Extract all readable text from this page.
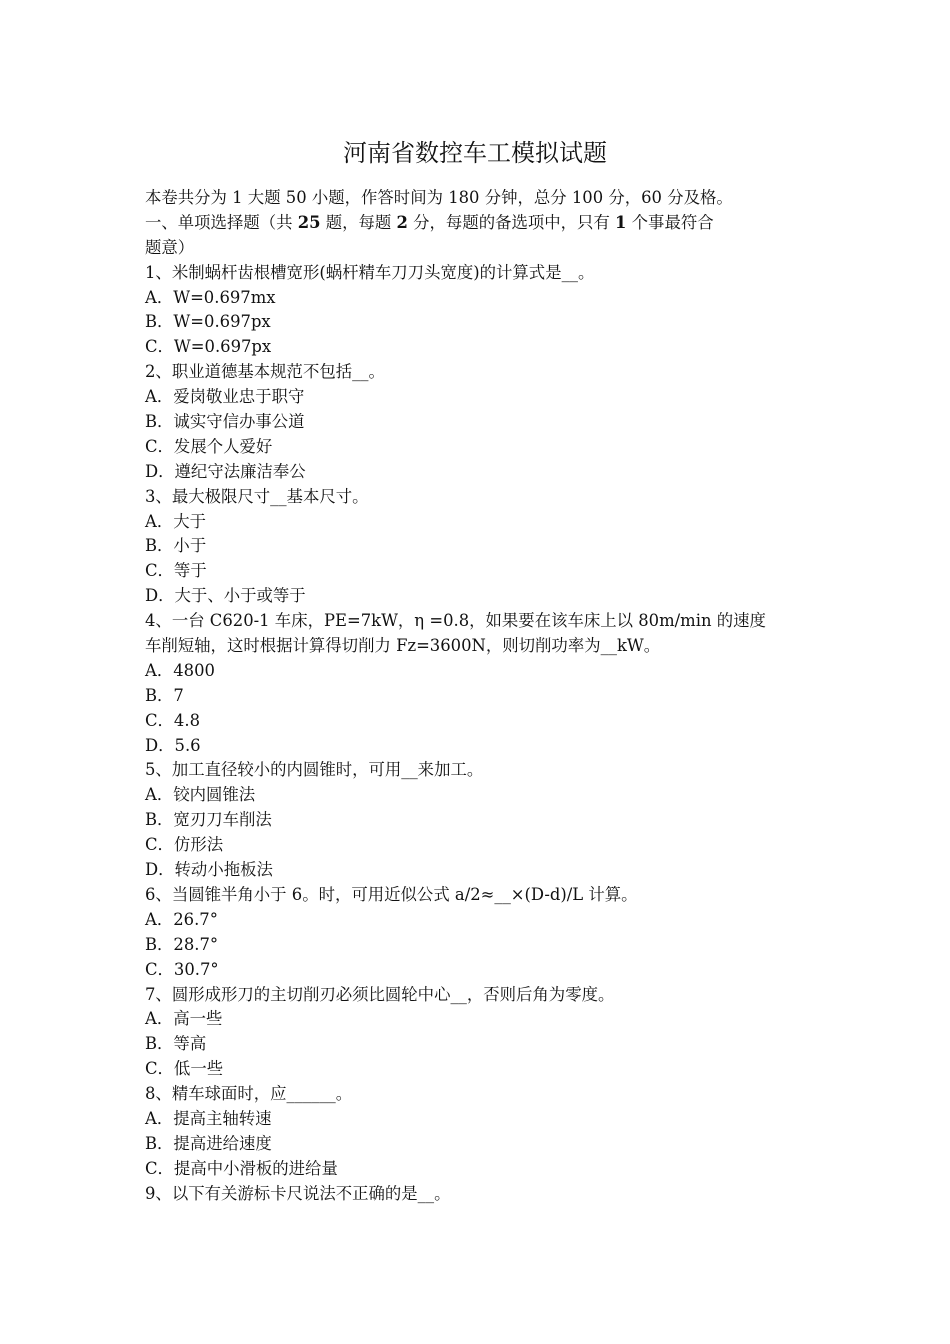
河南省数控车工模拟试题
本卷共分为 1 大题 50 小题，作答时间为 180 分钟，总分 100 分，60 分及格。
一、单项选择题（共 25 题，每题 2 分，每题的备选项中，只有 1 个事最符合
题意）
1、米制蜗杆齿根槽宽形(蜗杆精车刀刀头宽度)的计算式是__。
A．W=0.697mx
B．W=0.697px
C．W=0.697px
2、职业道德基本规范不包括__。
A．爱岗敬业忠于职守
B．诚实守信办事公道
C．发展个人爱好
D．遵纪守法廉洁奉公
3、最大极限尺寸__基本尺寸。
A．大于
B．小于
C．等于
D．大于、小于或等于
4、一台 C620-1 车床，PE=7kW，η =0.8，如果要在该车床上以 80m/min 的速度
车削短轴，这时根据计算得切削力 Fz=3600N，则切削功率为__kW。
A．4800
B．7
C．4.8
D．5.6
5、加工直径较小的内圆锥时，可用__来加工。
A．铰内圆锥法
B．宽刃刀车削法
C．仿形法
D．转动小拖板法
6、当圆锥半角小于 6。时，可用近似公式 a/2≈__×(D-d)/L 计算。
A．26.7°
B．28.7°
C．30.7°
7、圆形成形刀的主切削刃必须比圆轮中心__，否则后角为零度。
A．高一些
B．等高
C．低一些
8、精车球面时，应______。
A．提高主轴转速
B．提高进给速度
C．提高中小滑板的进给量
9、以下有关游标卡尺说法不正确的是__。
